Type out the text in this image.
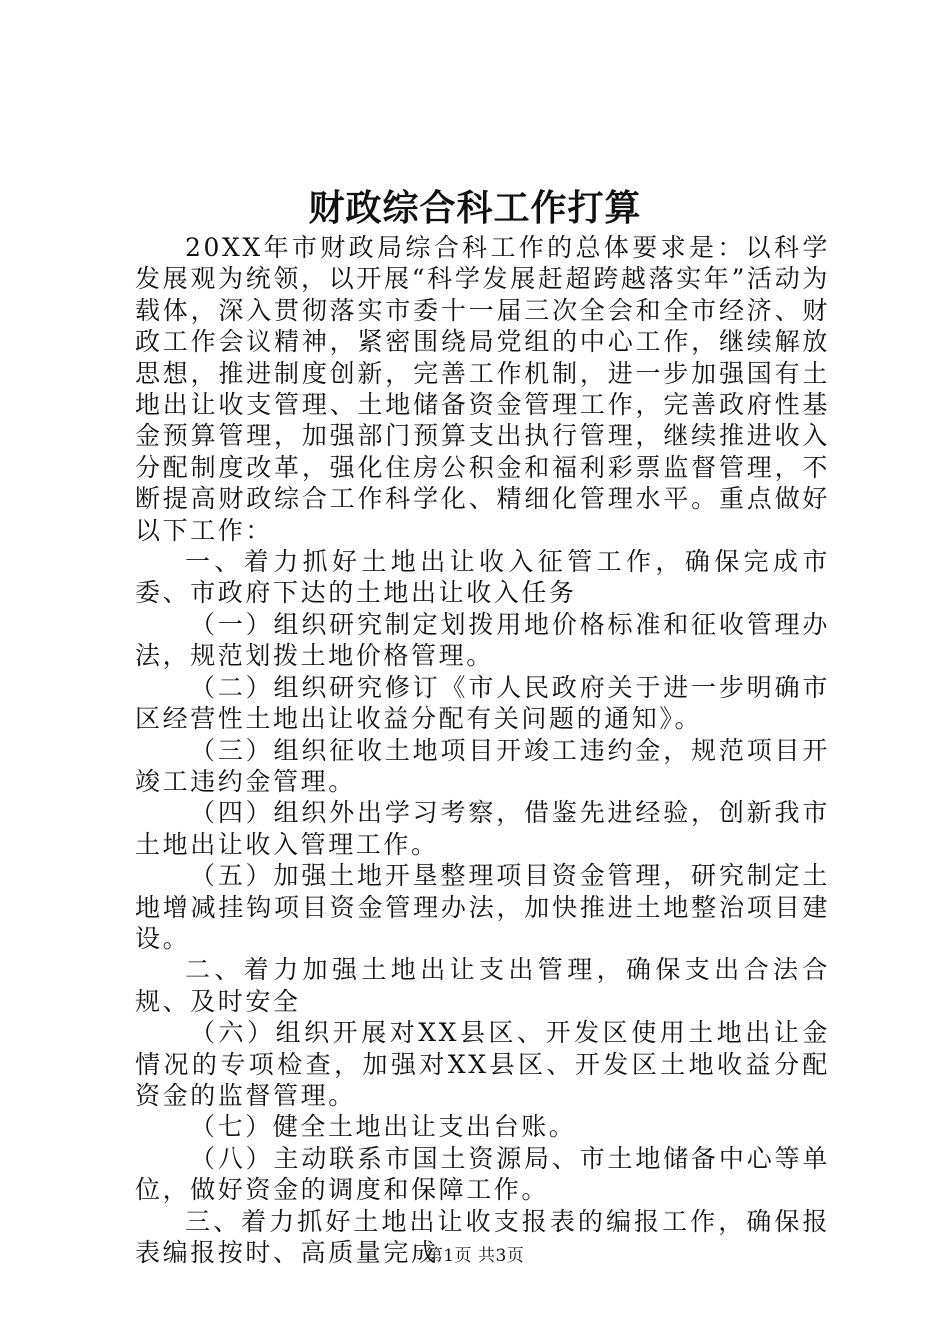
财政综合科工作打算

20XX年市财政局综合科工作的总体要求是：以科学发展观为统领，以开展“科学发展赶超跨越落实年”活动为载体，深入贯彻落实市委十一届三次全会和全市经济、财政工作会议精神，紧密围绕局党组的中心工作，继续解放思想，推进制度创新，完善工作机制，进一步加强国有土地出让收支管理、土地储备资金管理工作，完善政府性基金预算管理，加强部门预算支出执行管理，继续推进收入分配制度改革，强化住房公积金和福利彩票监督管理，不断提高财政综合工作科学化、精细化管理水平。重点做好以下工作：

一、着力抓好土地出让收入征管工作，确保完成市委、市政府下达的土地出让收入任务

（一）组织研究制定划拨用地价格标准和征收管理办法，规范划拨土地价格管理。

（二）组织研究修订《市人民政府关于进一步明确市区经营性土地出让收益分配有关问题的通知》。

（三）组织征收土地项目开竣工违约金，规范项目开竣工违约金管理。

（四）组织外出学习考察，借鉴先进经验，创新我市土地出让收入管理工作。

（五）加强土地开垦整理项目资金管理，研究制定土地增减挂钩项目资金管理办法，加快推进土地整治项目建设。

二、着力加强土地出让支出管理，确保支出合法合规、及时安全

（六）组织开展对XX县区、开发区使用土地出让金情况的专项检查，加强对XX县区、开发区土地收益分配资金的监督管理。

（七）健全土地出让支出台账。

（八）主动联系市国土资源局、市土地储备中心等单位，做好资金的调度和保障工作。

三、着力抓好土地出让收支报表的编报工作，确保报表编报按时、高质量完成

第1页 共3页
